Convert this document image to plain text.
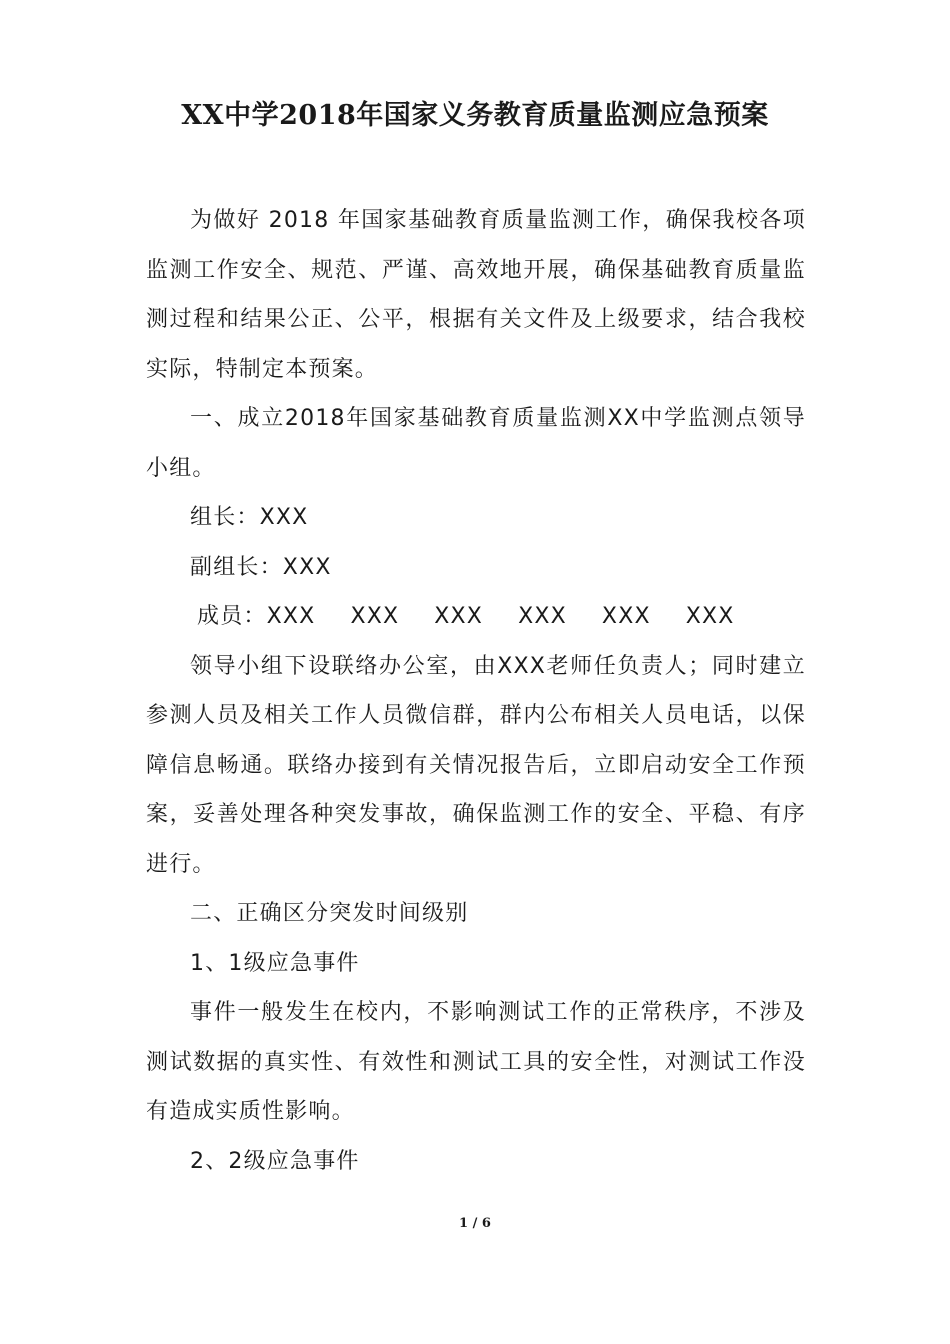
XX中学2018年国家义务教育质量监测应急预案

为做好 2018 年国家基础教育质量监测工作，确保我校各项监测工作安全、规范、严谨、高效地开展，确保基础教育质量监测过程和结果公正、公平，根据有关文件及上级要求，结合我校实际，特制定本预案。

一、成立2018年国家基础教育质量监测XX中学监测点领导小组。

组长：XXX

副组长：XXX

成员：XXX XXX XXX XXX XXX XXX

领导小组下设联络办公室，由XXX老师任负责人；同时建立参测人员及相关工作人员微信群，群内公布相关人员电话，以保障信息畅通。联络办接到有关情况报告后，立即启动安全工作预案，妥善处理各种突发事故，确保监测工作的安全、平稳、有序进行。

二、正确区分突发时间级别

1、1级应急事件

事件一般发生在校内，不影响测试工作的正常秩序，不涉及测试数据的真实性、有效性和测试工具的安全性，对测试工作没有造成实质性影响。

2、2级应急事件

1 / 6
